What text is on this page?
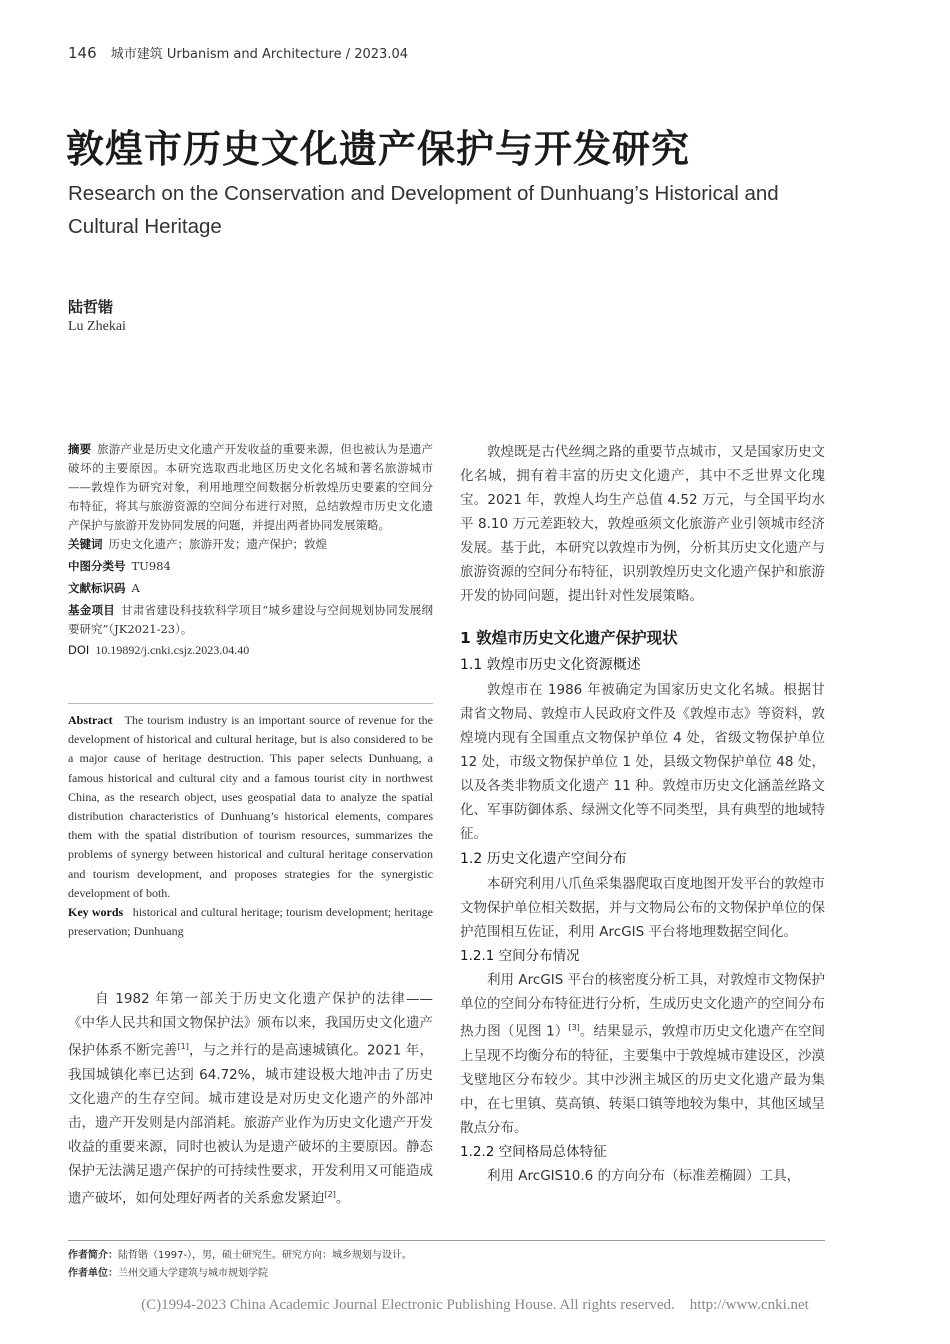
146 城市建筑 Urbanism and Architecture / 2023.04
敦煌市历史文化遗产保护与开发研究
Research on the Conservation and Development of Dunhuang’s Historical and Cultural Heritage
陆哲锴
Lu Zhekai
摘要 旅游产业是历史文化遗产开发收益的重要来源，但也被认为是遗产破坏的主要原因。本研究选取西北地区历史文化名城和著名旅游城市——敦煌作为研究对象，利用地理空间数据分析敦煌历史要素的空间分布特征，将其与旅游资源的空间分布进行对照，总结敦煌市历史文化遗产保护与旅游开发协同发展的问题，并提出两者协同发展策略。
关键词 历史文化遗产；旅游开发；遗产保护；敦煌
中图分类号 TU984
文献标识码 A
基金项目 甘肃省建设科技软科学项目“城乡建设与空间规划协同发展纲要研究”（JK2021-23）。
DOI 10.19892/j.cnki.csjz.2023.04.40
Abstract The tourism industry is an important source of revenue for the development of historical and cultural heritage, but is also considered to be a major cause of heritage destruction. This paper selects Dunhuang, a famous historical and cultural city and a famous tourist city in northwest China, as the research object, uses geospatial data to analyze the spatial distribution characteristics of Dunhuang’s historical elements, compares them with the spatial distribution of tourism resources, summarizes the problems of synergy between historical and cultural heritage conservation and tourism development, and proposes strategies for the synergistic development of both.
Key words historical and cultural heritage; tourism development; heritage preservation; Dunhuang

自 1982 年第一部关于历史文化遗产保护的法律——《中华人民共和国文物保护法》颁布以来，我国历史文化遗产保护体系不断完善[1]，与之并行的是高速城镇化。2021 年，我国城镇化率已达到 64.72%，城市建设极大地冲击了历史文化遗产的生存空间。城市建设是对历史文化遗产的外部冲击，遗产开发则是内部消耗。旅游产业作为历史文化遗产开发收益的重要来源，同时也被认为是遗产破坏的主要原因。静态保护无法满足遗产保护的可持续性要求，开发利用又可能造成遗产破坏，如何处理好两者的关系愈发紧迫[2]。

敦煌既是古代丝绸之路的重要节点城市，又是国家历史文化名城，拥有着丰富的历史文化遗产，其中不乏世界文化瑰宝。2021 年，敦煌人均生产总值 4.52 万元，与全国平均水平 8.10 万元差距较大，敦煌亟须文化旅游产业引领城市经济发展。基于此，本研究以敦煌市为例，分析其历史文化遗产与旅游资源的空间分布特征，识别敦煌历史文化遗产保护和旅游开发的协同问题，提出针对性发展策略。

1 敦煌市历史文化遗产保护现状
1.1 敦煌市历史文化资源概述

敦煌市在 1986 年被确定为国家历史文化名城。根据甘肃省文物局、敦煌市人民政府文件及《敦煌市志》等资料，敦煌境内现有全国重点文物保护单位 4 处，省级文物保护单位 12 处，市级文物保护单位 1 处，县级文物保护单位 48 处，以及各类非物质文化遗产 11 种。敦煌市历史文化涵盖丝路文化、军事防御体系、绿洲文化等不同类型，具有典型的地域特征。

1.2 历史文化遗产空间分布

本研究利用八爪鱼采集器爬取百度地图开发平台的敦煌市文物保护单位相关数据，并与文物局公布的文物保护单位的保护范围相互佐证，利用 ArcGIS 平台将地理数据空间化。

1.2.1 空间分布情况

利用 ArcGIS 平台的核密度分析工具，对敦煌市文物保护单位的空间分布特征进行分析，生成历史文化遗产的空间分布热力图（见图 1）[3]。结果显示，敦煌市历史文化遗产在空间上呈现不均衡分布的特征，主要集中于敦煌城市建设区，沙漠戈壁地区分布较少。其中沙洲主城区的历史文化遗产最为集中，在七里镇、莫高镇、转渠口镇等地较为集中，其他区域呈散点分布。

1.2.2 空间格局总体特征

利用 ArcGIS10.6 的方向分布（标准差椭圆）工具，

作者简介：陆哲锴（1997-），男，硕士研究生。研究方向：城乡规划与设计。
作者单位：兰州交通大学建筑与城市规划学院
(C)1994-2023 China Academic Journal Electronic Publishing House. All rights reserved.    http://www.cnki.net
